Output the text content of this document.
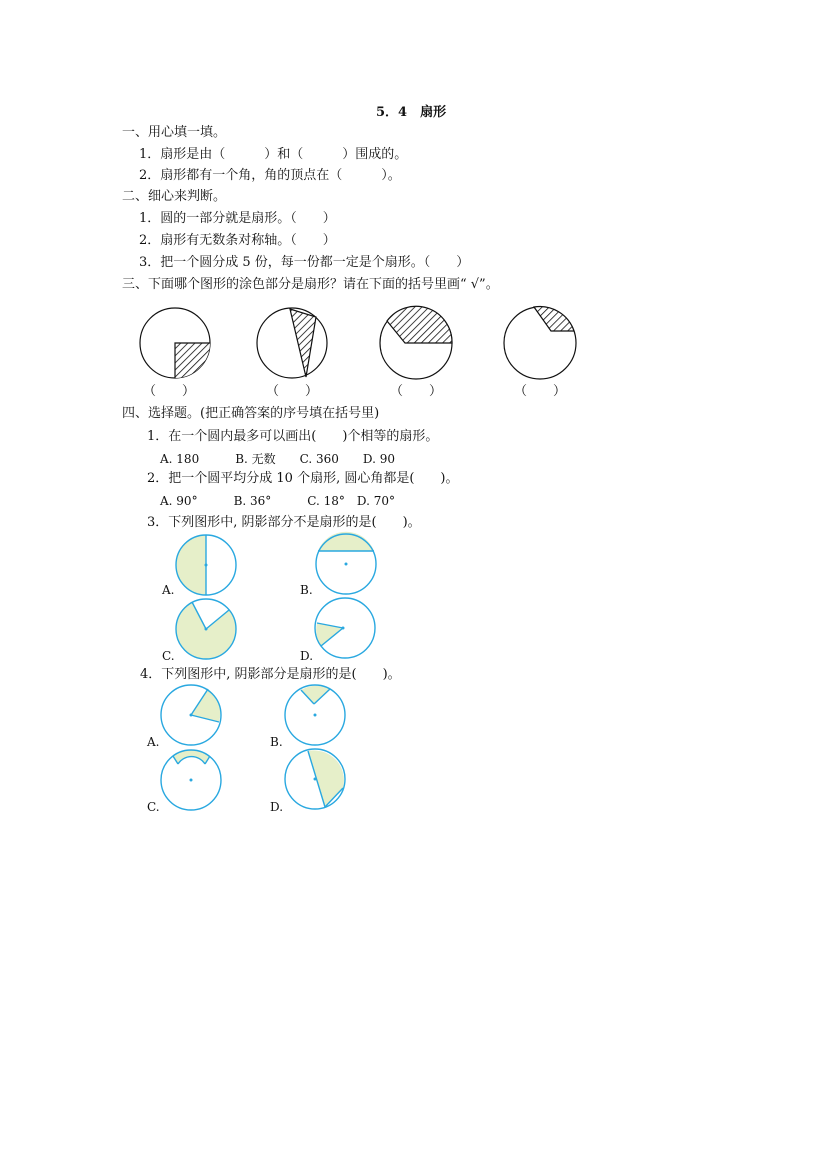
5．4　扇形
一、用心填一填。
1．扇形是由（　　　）和（　　　）围成的。
2．扇形都有一个角，角的顶点在（　　　）。
二、细心来判断。
1．圆的一部分就是扇形。（　　）
2．扇形有无数条对称轴。（　　）
3．把一个圆分成 5 份，每一份都一定是个扇形。（　　）
三、下面哪个图形的涂色部分是扇形？请在下面的括号里画“ √”。
（　　）	（　　）	（　　）	（　　）
四、选择题。(把正确答案的序号填在括号里)
1．在一个圆内最多可以画出(　　)个相等的扇形。
A. 180　　　B. 无数　　C. 360　　D. 90
2．把一个圆平均分成 10 个扇形, 圆心角都是(　　)。
A. 90°　　　B. 36°　　　C. 18°　D. 70°
3．下列图形中, 阴影部分不是扇形的是(　　)。
A.	B.
C.	D.
4．下列图形中, 阴影部分是扇形的是(　　)。
A.	B.
C.	D.
